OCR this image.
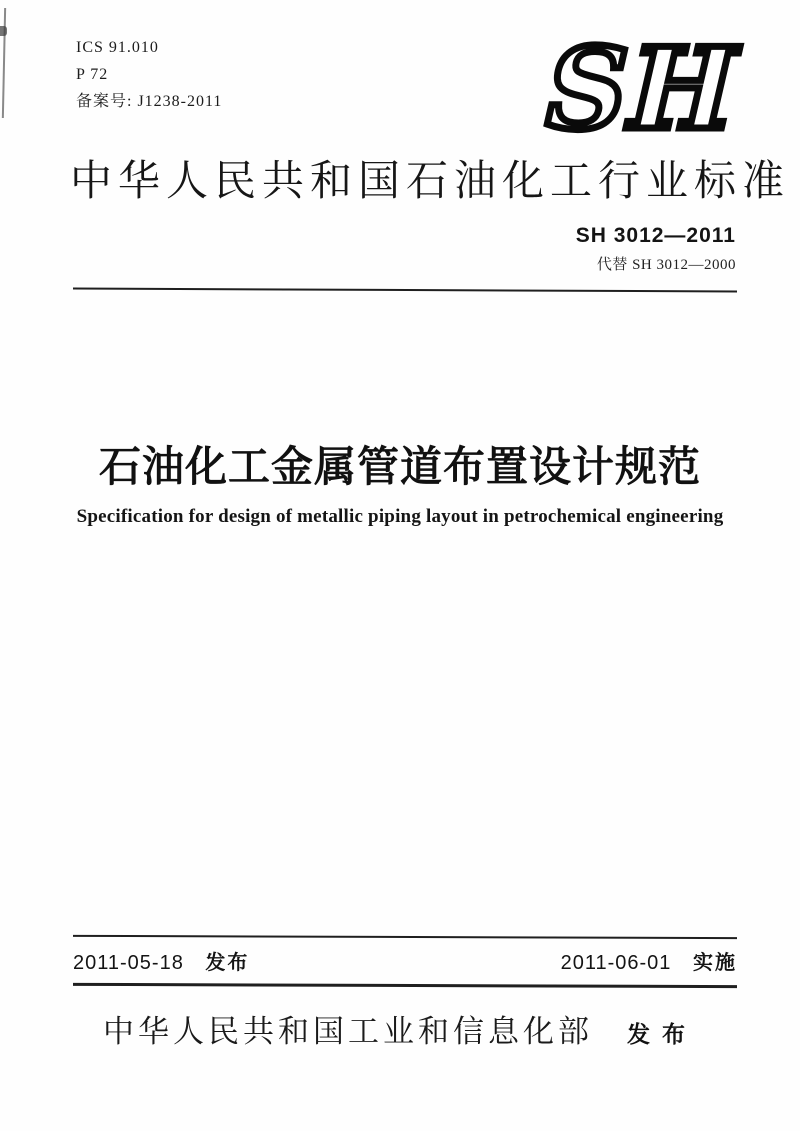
ICS 91.010
P 72
备案号: J1238-2011	SH
中华人民共和国石油化工行业标准
SH 3012—2011
代替 SH 3012—2000
石油化工金属管道布置设计规范
Specification for design of metallic piping layout in petrochemical engineering
2011-05-18 发布	2011-06-01 实施
中华人民共和国工业和信息化部 发布
